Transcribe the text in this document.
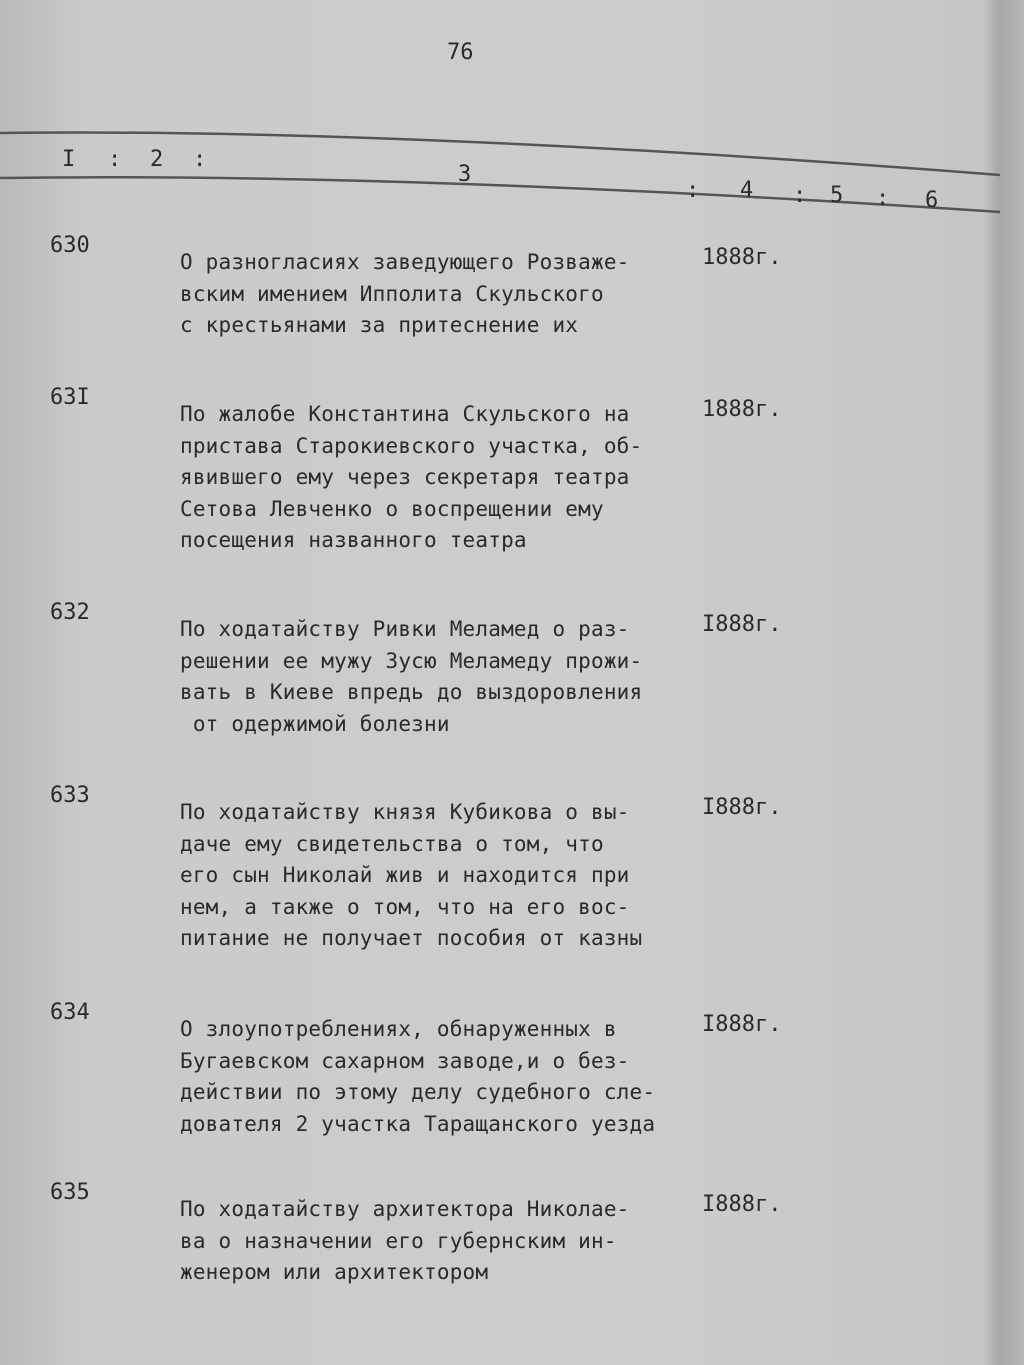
76
I : 2 :
3
: 4 : 5 : 6
630
О разногласиях заведующего Розваже-
вским имением Ипполита Скульского
с крестьянами за притеснение их
1888г.
63I
По жалобе Константина Скульского на
пристава Старокиевского участка, об-
явившего ему через секретаря театра
Сетова Левченко о воспрещении ему
посещения названного театра
1888г.
632
По ходатайству Ривки Меламед о раз-
решении ее мужу Зусю Меламеду прожи-
вать в Киеве впредь до выздоровления
от одержимой болезни
I888г.
633
По ходатайству князя Кубикова о вы-
даче ему свидетельства о том, что
его сын Николай жив и находится при
нем, а также о том, что на его вос-
питание не получает пособия от казны
I888г.
634
О злоупотреблениях, обнаруженных в
Бугаевском сахарном заводе,и о без-
действии по этому делу судебного сле-
дователя 2 участка Таращанского уезда
I888г.
635
По ходатайству архитектора Николае-
ва о назначении его губернским ин-
женером или архитектором
I888г.
